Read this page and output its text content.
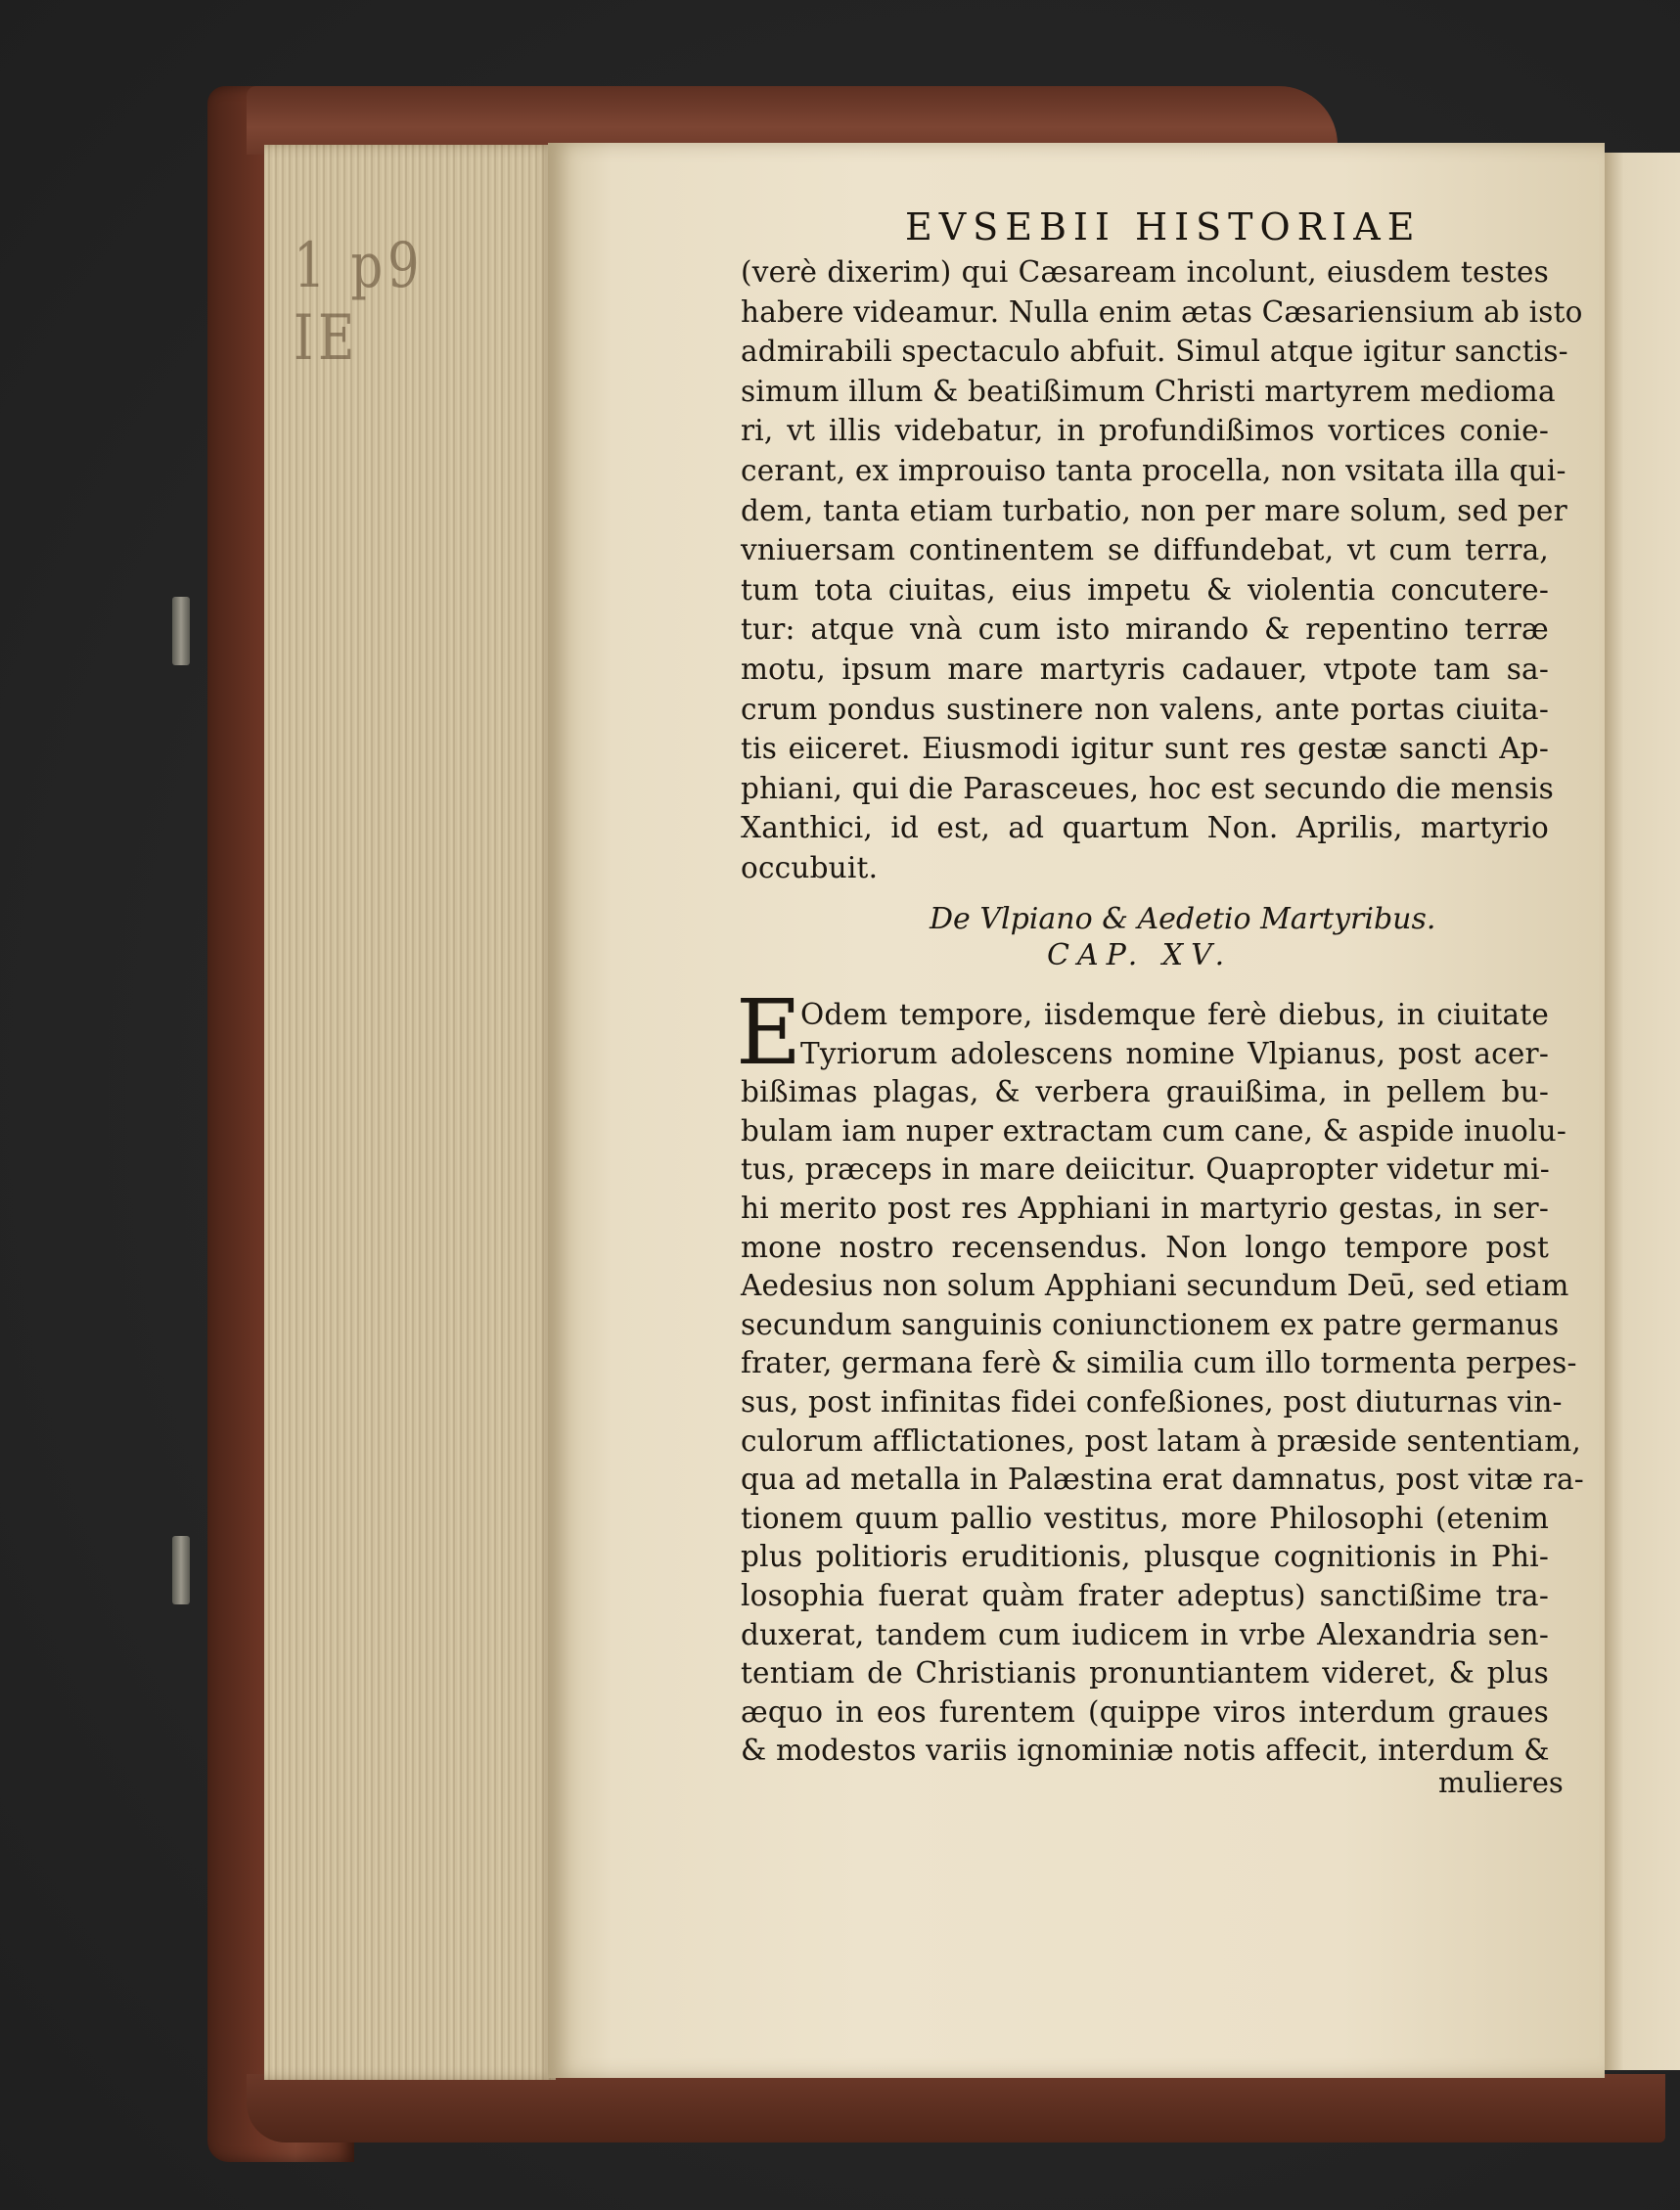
1 p9 IE
EVSEBII HISTORIAE
(verè dixerim) qui Cæsaream incolunt, eiusdem testes
habere videamur. Nulla enim ætas Cæsariensium ab isto
admirabili spectaculo abfuit. Simul atque igitur sanctis-
simum illum & beatißimum Christi martyrem medioma
ri, vt illis videbatur, in profundißimos vortices conie-
cerant, ex improuiso tanta procella, non vsitata illa qui-
dem, tanta etiam turbatio, non per mare solum, sed per
vniuersam continentem se diffundebat, vt cum terra,
tum tota ciuitas, eius impetu & violentia concutere-
tur: atque vnà cum isto mirando & repentino terræ
motu, ipsum mare martyris cadauer, vtpote tam sa-
crum pondus sustinere non valens, ante portas ciuita-
tis eiiceret. Eiusmodi igitur sunt res gestæ sancti Ap-
phiani, qui die Parasceues, hoc est secundo die mensis
Xanthici, id est, ad quartum Non. Aprilis, martyrio
occubuit.
De Vlpiano & Aedetio Martyribus.
CAP. XV.
E
Odem tempore, iisdemque ferè diebus, in ciuitate
Tyriorum adolescens nomine Vlpianus, post acer-
bißimas plagas, & verbera grauißima, in pellem bu-
bulam iam nuper extractam cum cane, & aspide inuolu-
tus, præceps in mare deiicitur. Quapropter videtur mi-
hi merito post res Apphiani in martyrio gestas, in ser-
mone nostro recensendus. Non longo tempore post
Aedesius non solum Apphiani secundum Deū, sed etiam
secundum sanguinis coniunctionem ex patre germanus
frater, germana ferè & similia cum illo tormenta perpes-
sus, post infinitas fidei confeßiones, post diuturnas vin-
culorum afflictationes, post latam à præside sententiam,
qua ad metalla in Palæstina erat damnatus, post vitæ ra-
tionem quum pallio vestitus, more Philosophi (etenim
plus politioris eruditionis, plusque cognitionis in Phi-
losophia fuerat quàm frater adeptus) sanctißime tra-
duxerat, tandem cum iudicem in vrbe Alexandria sen-
tentiam de Christianis pronuntiantem videret, & plus
æquo in eos furentem (quippe viros interdum graues
& modestos variis ignominiæ notis affecit, interdum &
mulieres
